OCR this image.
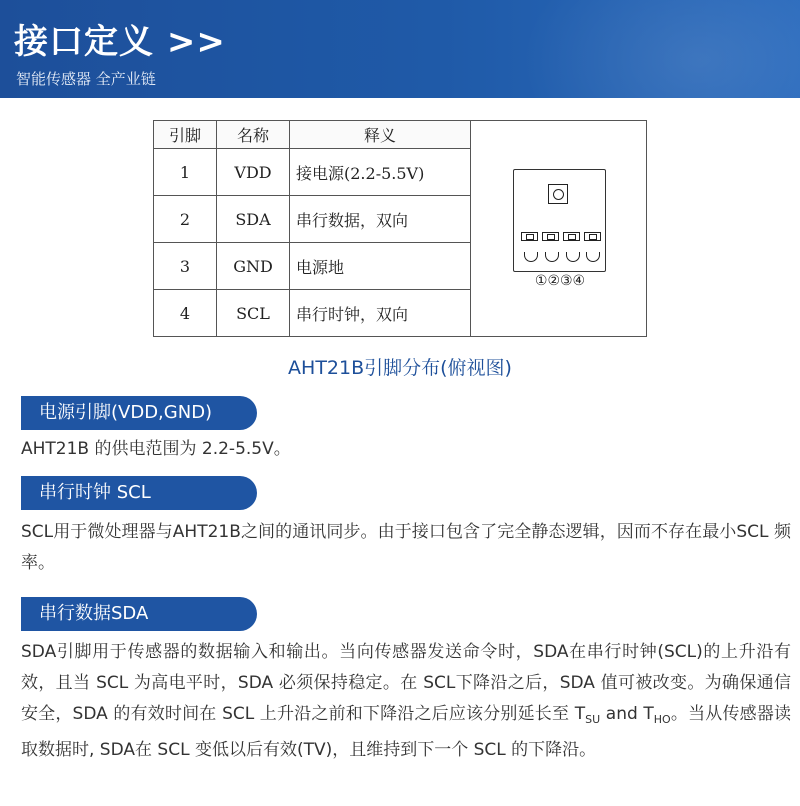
接口定义 >>
智能传感器 全产业链
引脚	名称	释义
1	VDD	接电源(2.2-5.5V)
2	SDA	串行数据，双向
3	GND	电源地
4	SCL	串行时钟，双向
①②③④
AHT21B引脚分布(俯视图)
电源引脚(VDD,GND)
AHT21B 的供电范围为 2.2-5.5V。
串行时钟 SCL
SCL用于微处理器与AHT21B之间的通讯同步。由于接口包含了完全静态逻辑，因而不存在最小SCL 频率。
串行数据SDA
SDA引脚用于传感器的数据输入和输出。当向传感器发送命令时，SDA在串行时钟(SCL)的上升沿有效，且当 SCL 为高电平时，SDA 必须保持稳定。在 SCL下降沿之后，SDA 值可被改变。为确保通信安全，SDA 的有效时间在 SCL 上升沿之前和下降沿之后应该分别延长至 $T_{SU}$ and $T_{HO}$。当从传感器读取数据时, SDA在 SCL 变低以后有效(TV)，且维持到下一个 SCL 的下降沿。
